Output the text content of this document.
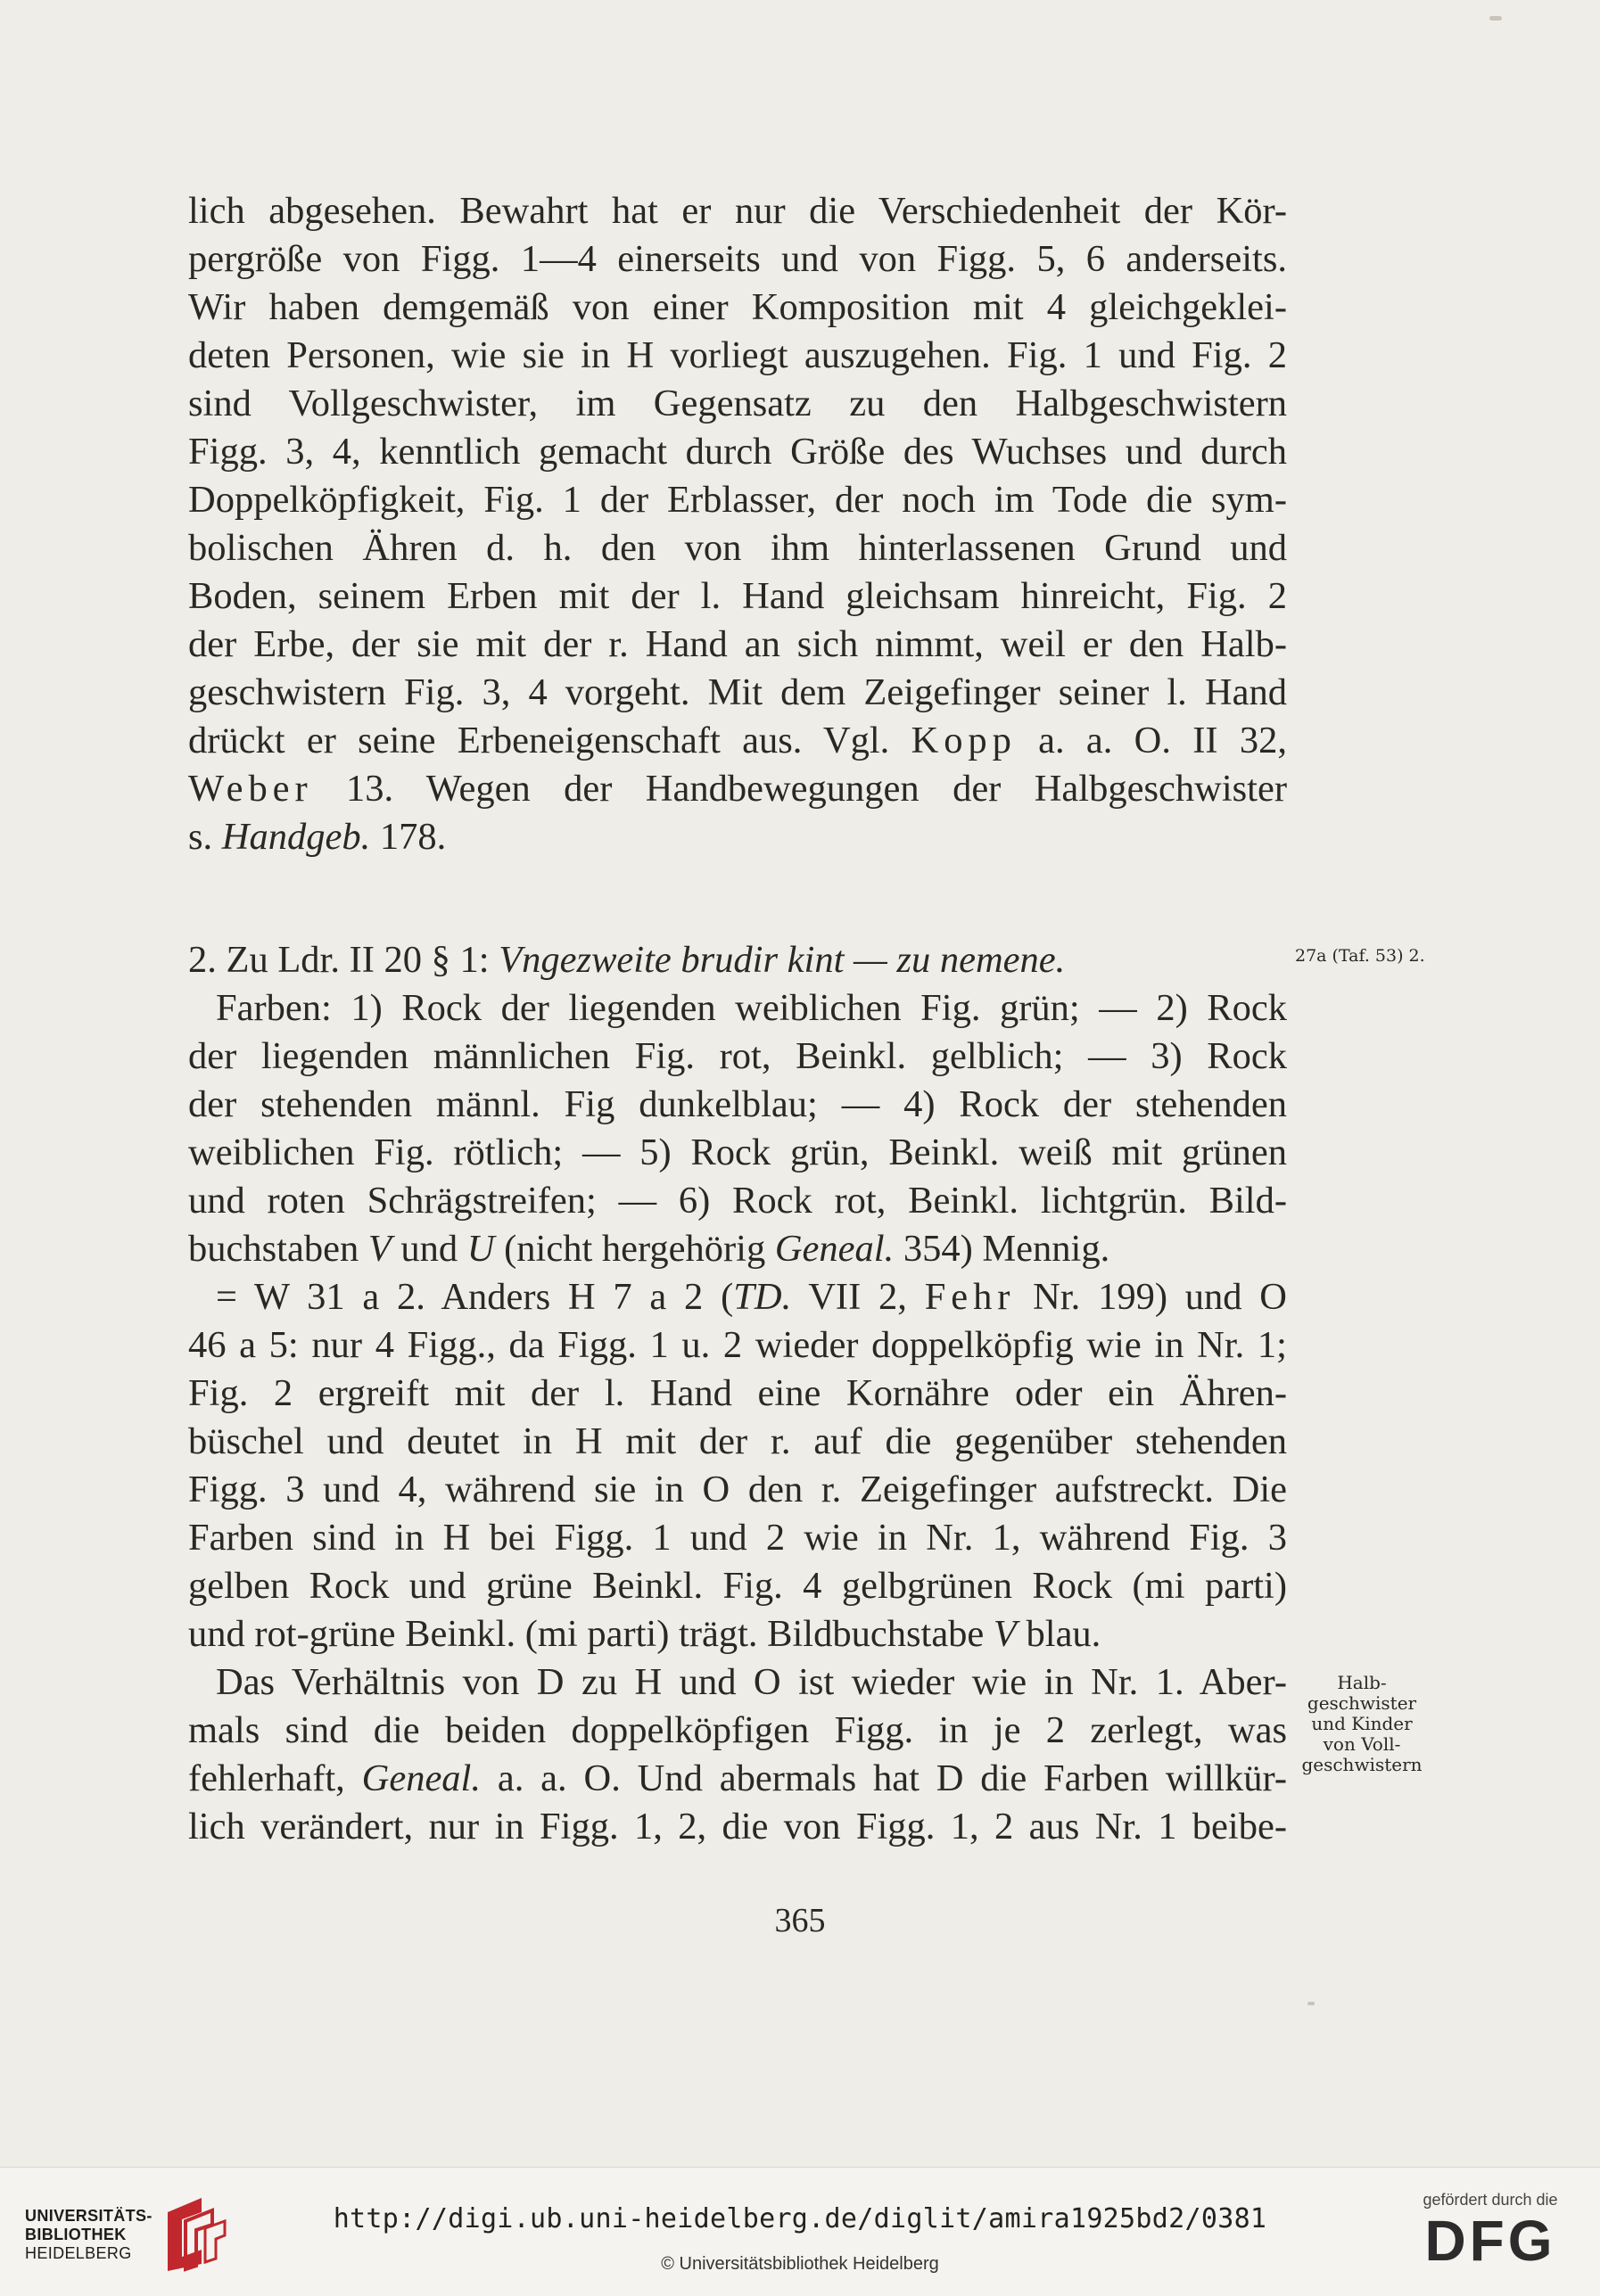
lich abgesehen. Bewahrt hat er nur die Verschiedenheit der Kör-
pergröße von Figg. 1—4 einerseits und von Figg. 5, 6 anderseits.
Wir haben demgemäß von einer Komposition mit 4 gleichgeklei-
deten Personen, wie sie in H vorliegt auszugehen. Fig. 1 und Fig. 2
sind Vollgeschwister, im Gegensatz zu den Halbgeschwistern
Figg. 3, 4, kenntlich gemacht durch Größe des Wuchses und durch
Doppelköpfigkeit, Fig. 1 der Erblasser, der noch im Tode die sym-
bolischen Ähren d. h. den von ihm hinterlassenen Grund und
Boden, seinem Erben mit der l. Hand gleichsam hinreicht, Fig. 2
der Erbe, der sie mit der r. Hand an sich nimmt, weil er den Halb-
geschwistern Fig. 3, 4 vorgeht. Mit dem Zeigefinger seiner l. Hand
drückt er seine Erbeneigenschaft aus. Vgl. Kopp a. a. O. II 32,
Weber 13. Wegen der Handbewegungen der Halbgeschwister
s. Handgeb. 178.
2. Zu Ldr. II 20 § 1: Vngezweite brudir kint — zu nemene.
Farben: 1) Rock der liegenden weiblichen Fig. grün; — 2) Rock
der liegenden männlichen Fig. rot, Beinkl. gelblich; — 3) Rock
der stehenden männl. Fig dunkelblau; — 4) Rock der stehenden
weiblichen Fig. rötlich; — 5) Rock grün, Beinkl. weiß mit grünen
und roten Schrägstreifen; — 6) Rock rot, Beinkl. lichtgrün. Bild-
buchstaben V und U (nicht hergehörig Geneal. 354) Mennig.
= W 31 a 2. Anders H 7 a 2 (TD. VII 2, Fehr Nr. 199) und O
46 a 5: nur 4 Figg., da Figg. 1 u. 2 wieder doppelköpfig wie in Nr. 1;
Fig. 2 ergreift mit der l. Hand eine Kornähre oder ein Ähren-
büschel und deutet in H mit der r. auf die gegenüber stehenden
Figg. 3 und 4, während sie in O den r. Zeigefinger aufstreckt. Die
Farben sind in H bei Figg. 1 und 2 wie in Nr. 1, während Fig. 3
gelben Rock und grüne Beinkl. Fig. 4 gelbgrünen Rock (mi parti)
und rot-grüne Beinkl. (mi parti) trägt. Bildbuchstabe V blau.
Das Verhältnis von D zu H und O ist wieder wie in Nr. 1. Aber-
mals sind die beiden doppelköpfigen Figg. in je 2 zerlegt, was
fehlerhaft, Geneal. a. a. O. Und abermals hat D die Farben willkür-
lich verändert, nur in Figg. 1, 2, die von Figg. 1, 2 aus Nr. 1 beibe-
27a (Taf. 53) 2.
Halb-
geschwister
und Kinder
von Voll-
geschwistern
365
UNIVERSITÄTS-
BIBLIOTHEK
HEIDELBERG
http://digi.ub.uni-heidelberg.de/diglit/amira1925bd2/0381
© Universitätsbibliothek Heidelberg
gefördert durch die
DFG
